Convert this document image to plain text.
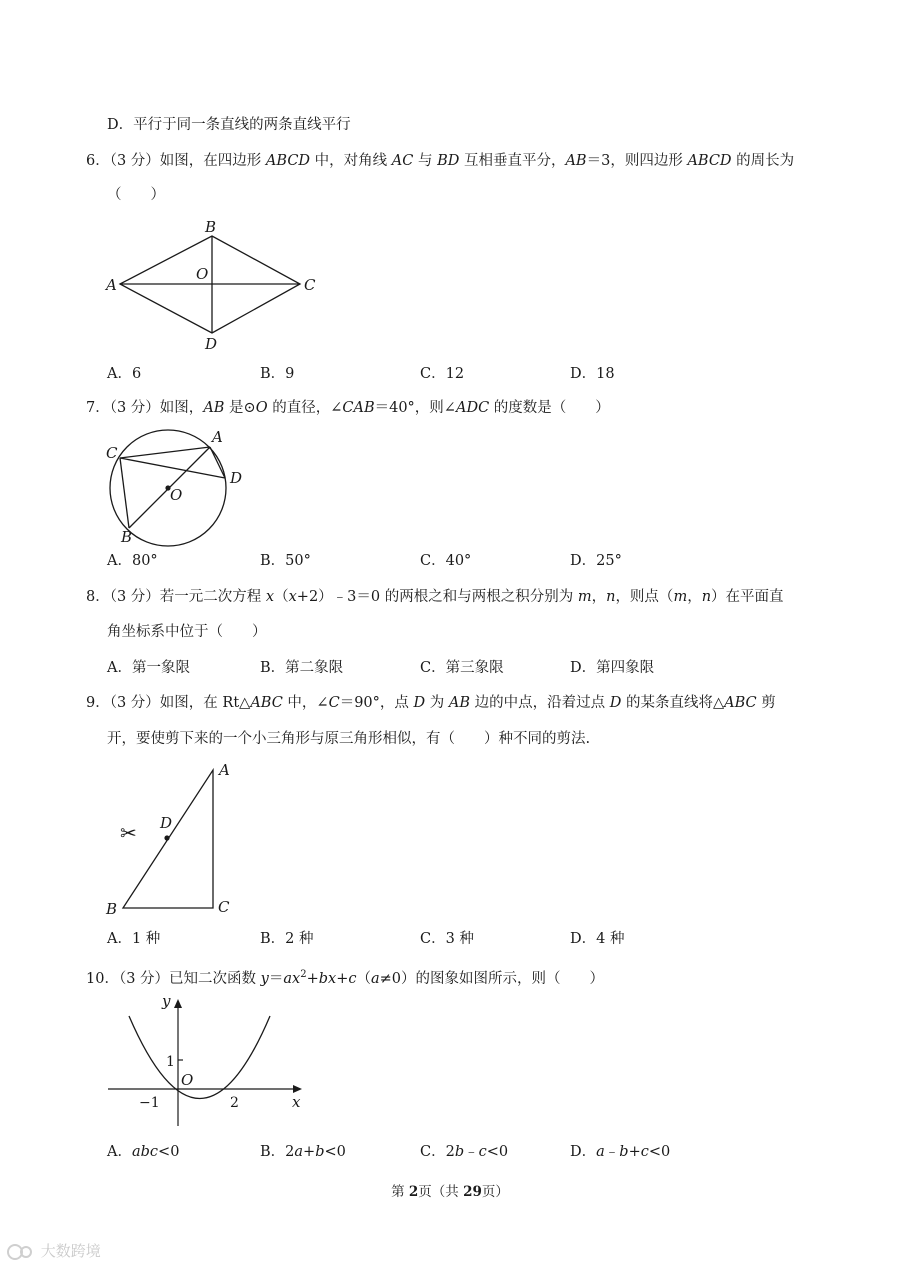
D．平行于同一条直线的两条直线平行
6．（3 分）如图，在四边形 ABCD 中，对角线 AC 与 BD 互相垂直平分，AB＝3，则四边形 ABCD 的周长为
（　　）
B
A	C
D
O
A．6	B．9	C．12	D．18
7．（3 分）如图，AB 是⊙O 的直径，∠CAB＝40°，则∠ADC 的度数是（　　）
A
C
D
O
B
A．80°	B．50°	C．40°	D．25°
8．（3 分）若一元二次方程 x（x+2）﹣3＝0 的两根之和与两根之积分别为 m，n，则点（m，n）在平面直
角坐标系中位于（　　）
A．第一象限	B．第二象限	C．第三象限	D．第四象限
9．（3 分）如图，在 Rt△ABC 中，∠C＝90°，点 D 为 AB 边的中点，沿着过点 D 的某条直线将△ABC 剪
开，要使剪下来的一个小三角形与原三角形相似，有（　　）种不同的剪法.
A
B	C
D
✂
A．1 种	B．2 种	C．3 种	D．4 种
10．（3 分）已知二次函数 $y=ax^2+bx+c(a\ne 0)$的图象如图所示，则（　　）
y
x
1
O
−1	2
A．abc<0	B．2a+b<0	C．2b﹣c<0	D．a﹣b+c<0
第 2页（共 29页）
大数跨境
